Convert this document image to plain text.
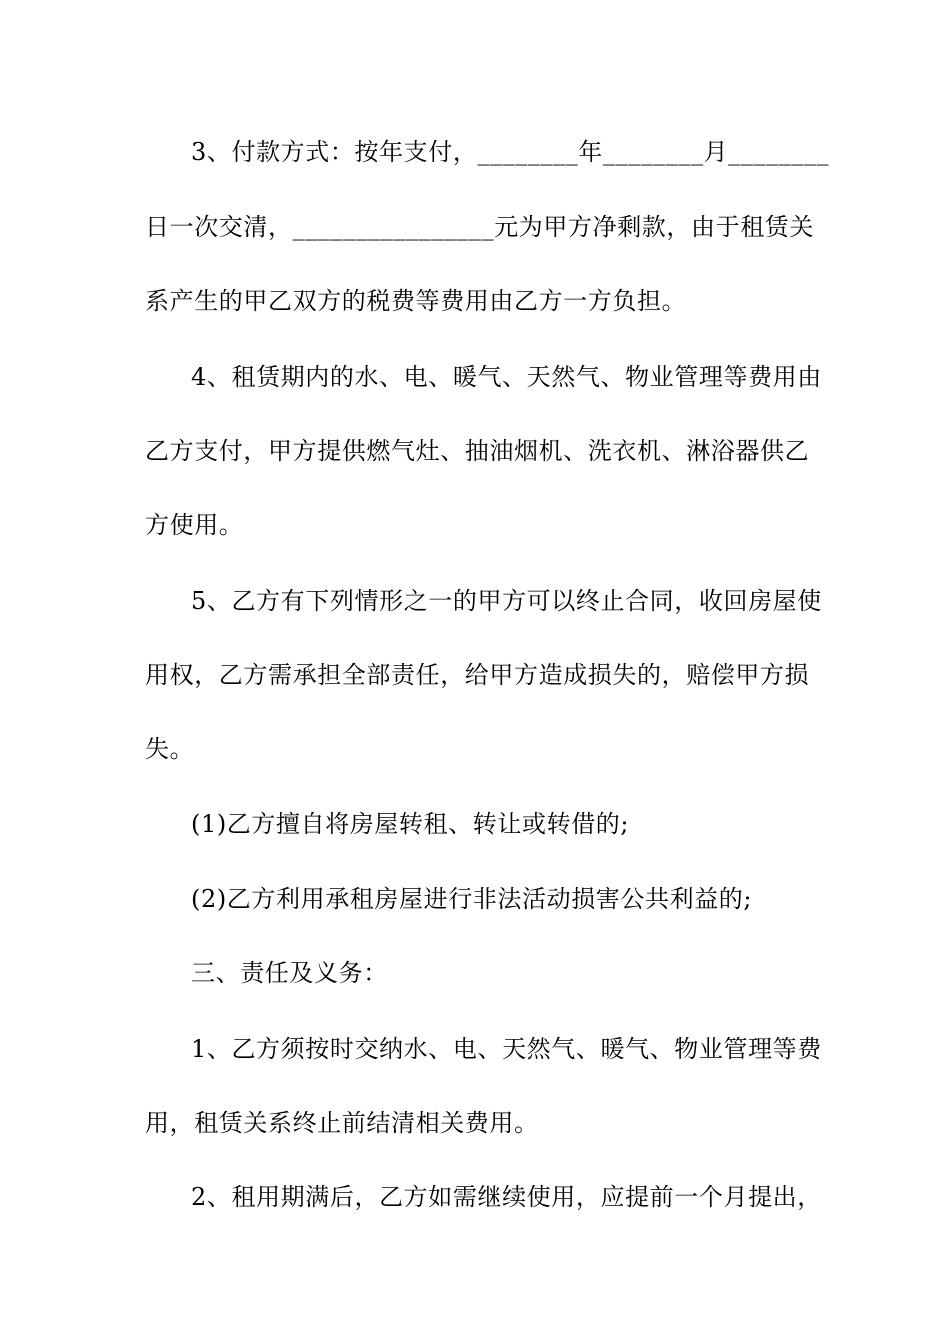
3、付款方式：按年支付，________年________月________
日一次交清，________________元为甲方净剩款，由于租赁关
系产生的甲乙双方的税费等费用由乙方一方负担。
4、租赁期内的水、电、暖气、天然气、物业管理等费用由
乙方支付，甲方提供燃气灶、抽油烟机、洗衣机、淋浴器供乙
方使用。
5、乙方有下列情形之一的甲方可以终止合同，收回房屋使
用权，乙方需承担全部责任，给甲方造成损失的，赔偿甲方损
失。
(1)乙方擅自将房屋转租、转让或转借的;
(2)乙方利用承租房屋进行非法活动损害公共利益的;
三、责任及义务：
1、乙方须按时交纳水、电、天然气、暖气、物业管理等费
用，租赁关系终止前结清相关费用。
2、租用期满后，乙方如需继续使用，应提前一个月提出，
